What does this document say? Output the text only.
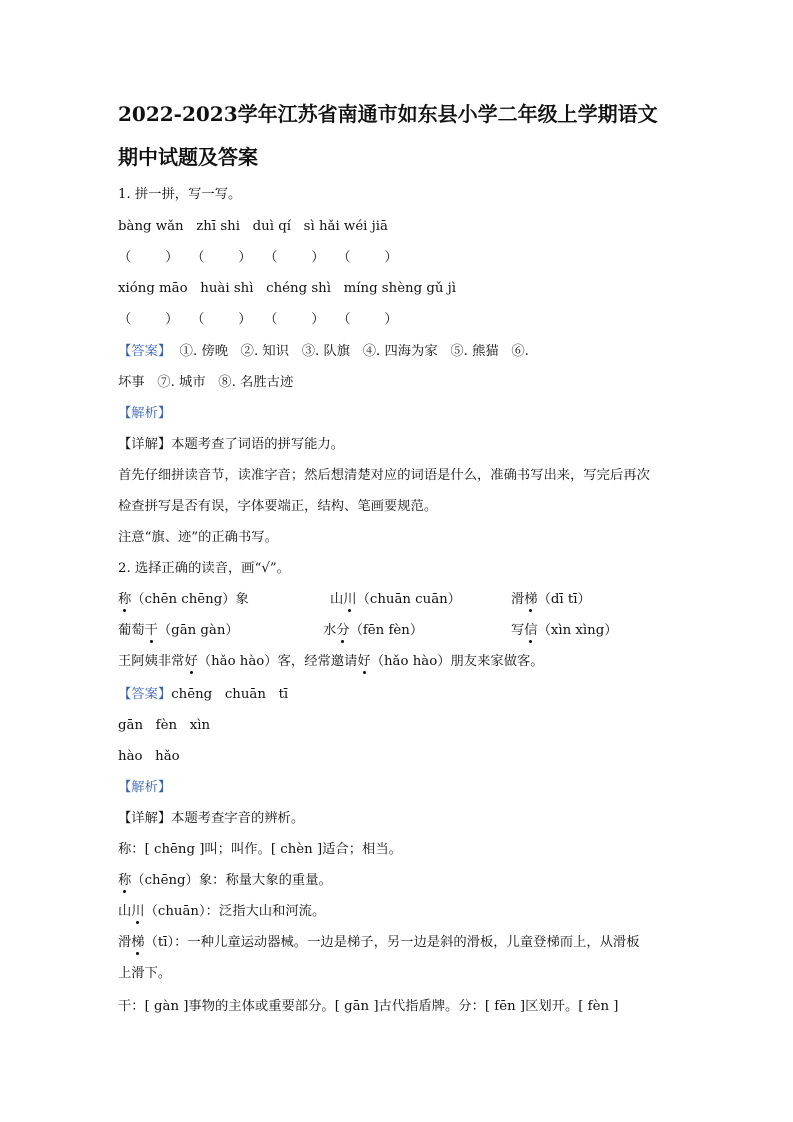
2022-2023学年江苏省南通市如东县小学二年级上学期语文
期中试题及答案
1. 拼一拼，写一写。
bàng wǎn   zhī shi   duì qí   sì hǎi wéi jiā
（        ）   （        ）   （        ）   （        ）
xióng māo   huài shì   chéng shì   míng shèng gǔ jì
（        ）   （        ）   （        ）   （        ）
【答案】  ①. 傍晚   ②. 知识   ③. 队旗   ④. 四海为家   ⑤. 熊猫   ⑥.
坏事   ⑦. 城市   ⑧. 名胜古迹
【解析】
【详解】本题考查了词语的拼写能力。
首先仔细拼读音节，读准字音；然后想清楚对应的词语是什么，准确书写出来，写完后再次
检查拼写是否有误，字体要端正，结构、笔画要规范。
注意“旗、迹”的正确书写。
2. 选择正确的读音，画“√”。
称（chēn chēng）象	山川（chuān cuān）	滑梯（dī tī）
葡萄干（gān gàn）	水分（fēn fèn）	写信（xìn xìng）
王阿姨非常好（hǎo hào）客，经常邀请好（hǎo hào）朋友来家做客。
【答案】chēng   chuān   tī
gān   fèn   xìn
hào   hǎo
【解析】
【详解】本题考查字音的辨析。
称：[ chēng ]叫；叫作。[ chèn ]适合；相当。
称（chēng）象：称量大象的重量。
山川（chuān）：泛指大山和河流。
滑梯（tī）：一种儿童运动器械。一边是梯子，另一边是斜的滑板，儿童登梯而上，从滑板
上滑下。
干：[ gàn ]事物的主体或重要部分。[ gān ]古代指盾牌。分：[ fēn ]区划开。[ fèn ]
